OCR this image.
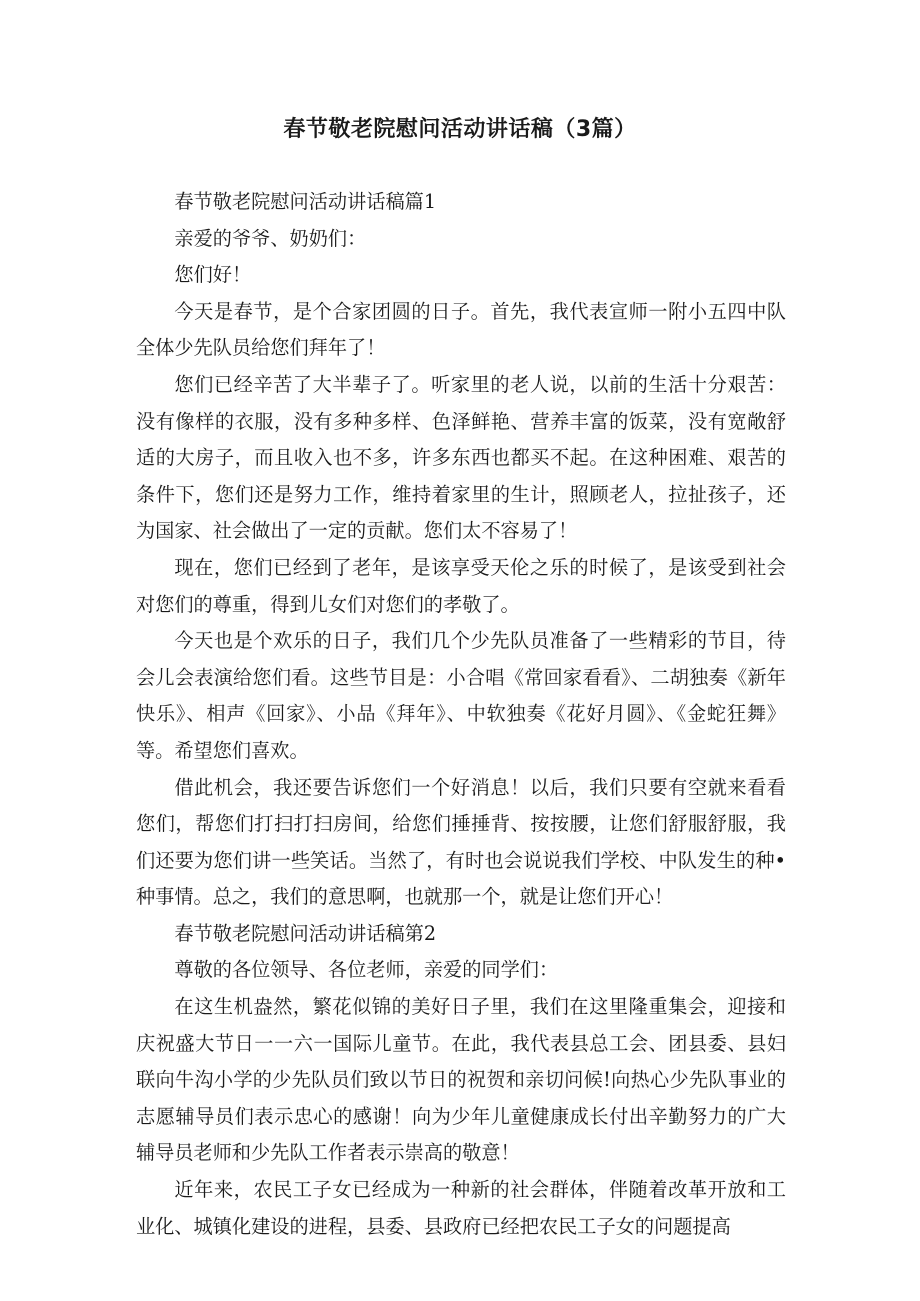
春节敬老院慰问活动讲话稿（3篇）

春节敬老院慰问活动讲话稿篇1

亲爱的爷爷、奶奶们：

您们好！

今天是春节，是个合家团圆的日子。首先，我代表宣师一附小五四中队全体少先队员给您们拜年了！

您们已经辛苦了大半辈子了。听家里的老人说，以前的生活十分艰苦：没有像样的衣服，没有多种多样、色泽鲜艳、营养丰富的饭菜，没有宽敞舒适的大房子，而且收入也不多，许多东西也都买不起。在这种困难、艰苦的条件下，您们还是努力工作，维持着家里的生计，照顾老人，拉扯孩子，还为国家、社会做出了一定的贡献。您们太不容易了！

现在，您们已经到了老年，是该享受天伦之乐的时候了，是该受到社会对您们的尊重，得到儿女们对您们的孝敬了。

今天也是个欢乐的日子，我们几个少先队员准备了一些精彩的节目，待会儿会表演给您们看。这些节目是：小合唱《常回家看看》、二胡独奏《新年快乐》、相声《回家》、小品《拜年》、中软独奏《花好月圆》、《金蛇狂舞》等。希望您们喜欢。

借此机会，我还要告诉您们一个好消息！以后，我们只要有空就来看看您们，帮您们打扫打扫房间，给您们捶捶背、按按腰，让您们舒服舒服，我们还要为您们讲一些笑话。当然了，有时也会说说我们学校、中队发生的种•种事情。总之，我们的意思啊，也就那一个，就是让您们开心！

春节敬老院慰问活动讲话稿第2

尊敬的各位领导、各位老师，亲爱的同学们：

在这生机盎然，繁花似锦的美好日子里，我们在这里隆重集会，迎接和庆祝盛大节日一一六一国际儿童节。在此，我代表县总工会、团县委、县妇联向牛沟小学的少先队员们致以节日的祝贺和亲切问候!向热心少先队事业的志愿辅导员们表示忠心的感谢！向为少年儿童健康成长付出辛勤努力的广大辅导员老师和少先队工作者表示崇高的敬意！

近年来，农民工子女已经成为一种新的社会群体，伴随着改革开放和工业化、城镇化建设的进程，县委、县政府已经把农民工子女的问题提高
